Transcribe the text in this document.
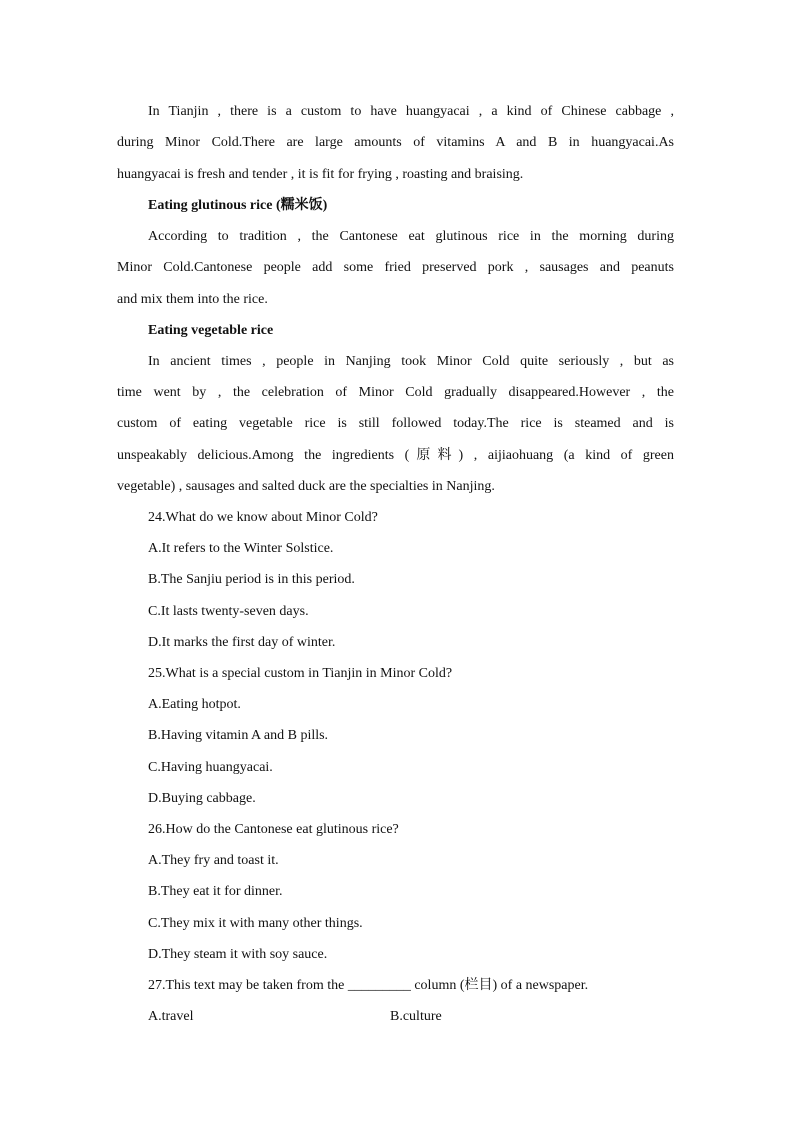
In Tianjin , there is a custom to have huangyacai , a kind of Chinese cabbage ,
during Minor Cold.There are large amounts of vitamins A and B in huangyacai.As
huangyacai is fresh and tender , it is fit for frying , roasting and braising.
Eating glutinous rice (糯米饭)
According to tradition , the Cantonese eat glutinous rice in the morning during
Minor Cold.Cantonese people add some fried preserved pork , sausages and peanuts
and mix them into the rice.
Eating vegetable rice
In ancient times , people in Nanjing took Minor Cold quite seriously , but as
time went by , the celebration of Minor Cold gradually disappeared.However , the
custom of eating vegetable rice is still followed today.The rice is steamed and is
unspeakably delicious.Among the ingredients (原料) , aijiaohuang (a kind of green
vegetable) , sausages and salted duck are the specialties in Nanjing.
24.What do we know about Minor Cold?
A.It refers to the Winter Solstice.
B.The Sanjiu period is in this period.
C.It lasts twenty-seven days.
D.It marks the first day of winter.
25.What is a special custom in Tianjin in Minor Cold?
A.Eating hotpot.
B.Having vitamin A and B pills.
C.Having huangyacai.
D.Buying cabbage.
26.How do the Cantonese eat glutinous rice?
A.They fry and toast it.
B.They eat it for dinner.
C.They mix it with many other things.
D.They steam it with soy sauce.
27.This text may be taken from the _________ column (栏目) of a newspaper.
A.travel	B.culture
